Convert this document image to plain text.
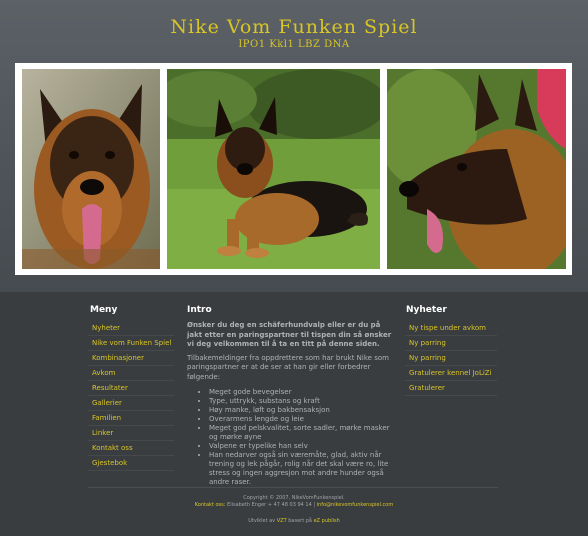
Nike Vom Funken Spiel
IPO1 Kkl1 LBZ DNA
Meny
Nyheter
Nike vom Funken Spiel
Kombinasjoner
Avkom
Resultater
Gallerier
Familien
Linker
Kontakt oss
Gjestebok
Intro
Ønsker du deg en schäferhundvalp eller er du på jakt etter en paringspartner til tispen din så ønsker vi deg velkommen til å ta en titt på denne siden.
Tilbakemeldinger fra oppdrettere som har brukt Nike som paringspartner er at de ser at han gir eller forbedrer følgende:
• Meget gode bevegelser
• Type, uttrykk, substans og kraft
• Høy manke, løft og bakbensaksjon
• Overarmens lengde og leie
• Meget god pelskvalitet, sorte sadler, mørke masker og mørke øyne
• Valpene er typelike han selv
• Han nedarver også sin væremåte, glad, aktiv når trening og lek pågår, rolig når det skal være ro, lite stress og ingen aggresjon mot andre hunder også andre raser.
Nyheter
Ny tispe under avkom
Ny parring
Ny parring
Gratulerer kennel JoLiZi
Gratulerer
Copyright © 2007, NikeVomFunkenspiel.
Kontakt oss: Elisabeth Enger + 47 48 03 94 14 | info@nikevomfunkenspiel.com
Utviklet av VZT basert på eZ publish
